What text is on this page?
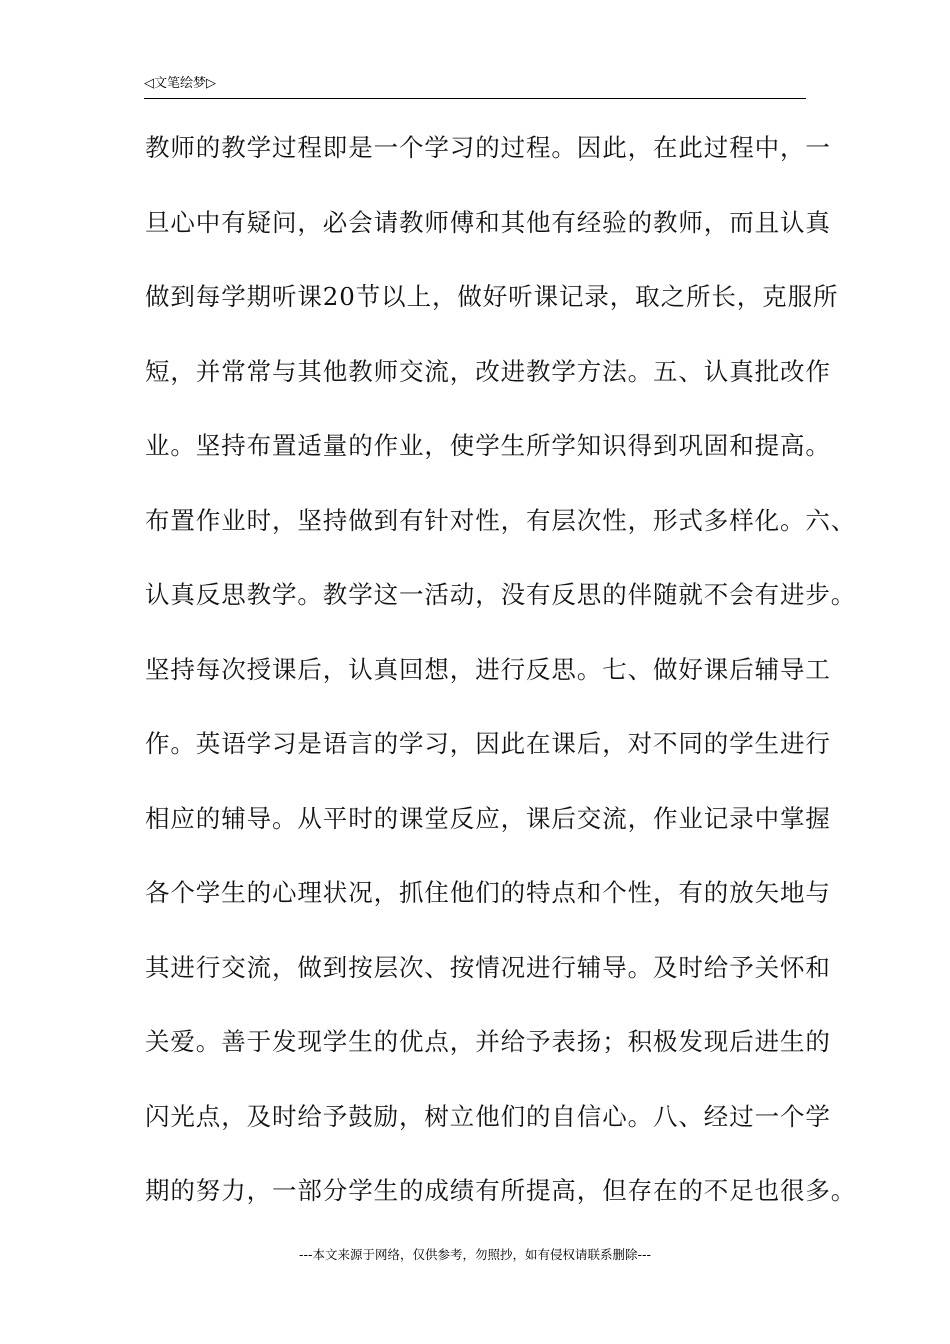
◁文笔绘梦▷
教师的教学过程即是一个学习的过程。因此，在此过程中，一
旦心中有疑问，必会请教师傅和其他有经验的教师，而且认真
做到每学期听课20节以上，做好听课记录，取之所长，克服所
短，并常常与其他教师交流，改进教学方法。五、认真批改作
业。坚持布置适量的作业，使学生所学知识得到巩固和提高。
布置作业时，坚持做到有针对性，有层次性，形式多样化。六、
认真反思教学。教学这一活动，没有反思的伴随就不会有进步。
坚持每次授课后，认真回想，进行反思。七、做好课后辅导工
作。英语学习是语言的学习，因此在课后，对不同的学生进行
相应的辅导。从平时的课堂反应，课后交流，作业记录中掌握
各个学生的心理状况，抓住他们的特点和个性，有的放矢地与
其进行交流，做到按层次、按情况进行辅导。及时给予关怀和
关爱。善于发现学生的优点，并给予表扬；积极发现后进生的
闪光点，及时给予鼓励，树立他们的自信心。八、经过一个学
期的努力，一部分学生的成绩有所提高，但存在的不足也很多。
---本文来源于网络，仅供参考，勿照抄，如有侵权请联系删除---
